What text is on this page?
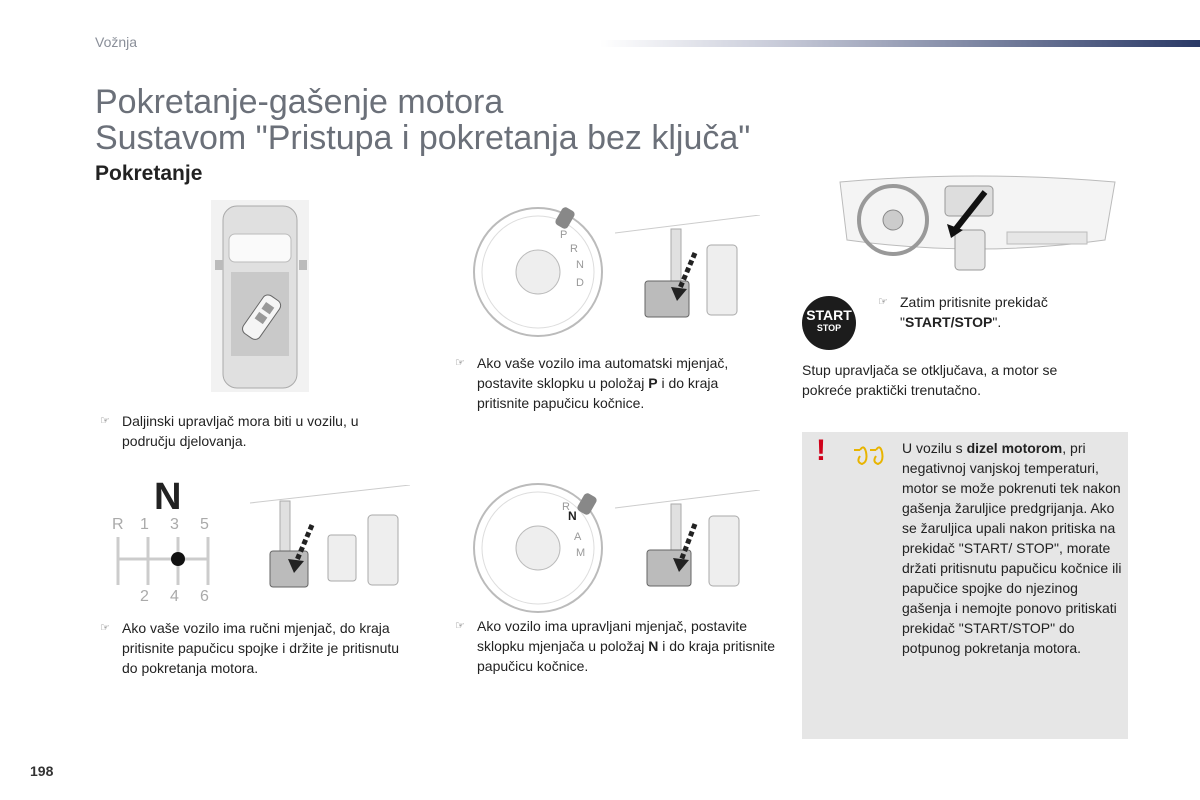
Vožnja
Pokretanje-gašenje motora
Sustavom "Pristupa i pokretanja bez ključa"
Pokretanje
P
R
N
D
START
STOP
☞ Zatim pritisnite prekidač "START/STOP".
Stup upravljača se otključava, a motor se pokreće praktički trenutačno.
☞ Daljinski upravljač mora biti u vozilu, u području djelovanja.
☞ Ako vaše vozilo ima automatski mjenjač, postavite sklopku u položaj P i do kraja pritisnite papučicu kočnice.
N
R 1 3 5
2 4 6
R
N
A
M
☞ Ako vaše vozilo ima ručni mjenjač, do kraja pritisnite papučicu spojke i držite je pritisnutu do pokretanja motora.
☞ Ako vozilo ima upravljani mjenjač, postavite sklopku mjenjača u položaj N i do kraja pritisnite papučicu kočnice.
!	U vozilu s dizel motorom, pri negativnoj vanjskoj temperaturi, motor se može pokrenuti tek nakon gašenja žaruljice predgrijanja. Ako se žaruljica upali nakon pritiska na prekidač "START/ STOP", morate držati pritisnutu papučicu kočnice ili papučice spojke do njezinog gašenja i nemojte ponovo pritiskati prekidač "START/STOP" do potpunog pokretanja motora.
198
